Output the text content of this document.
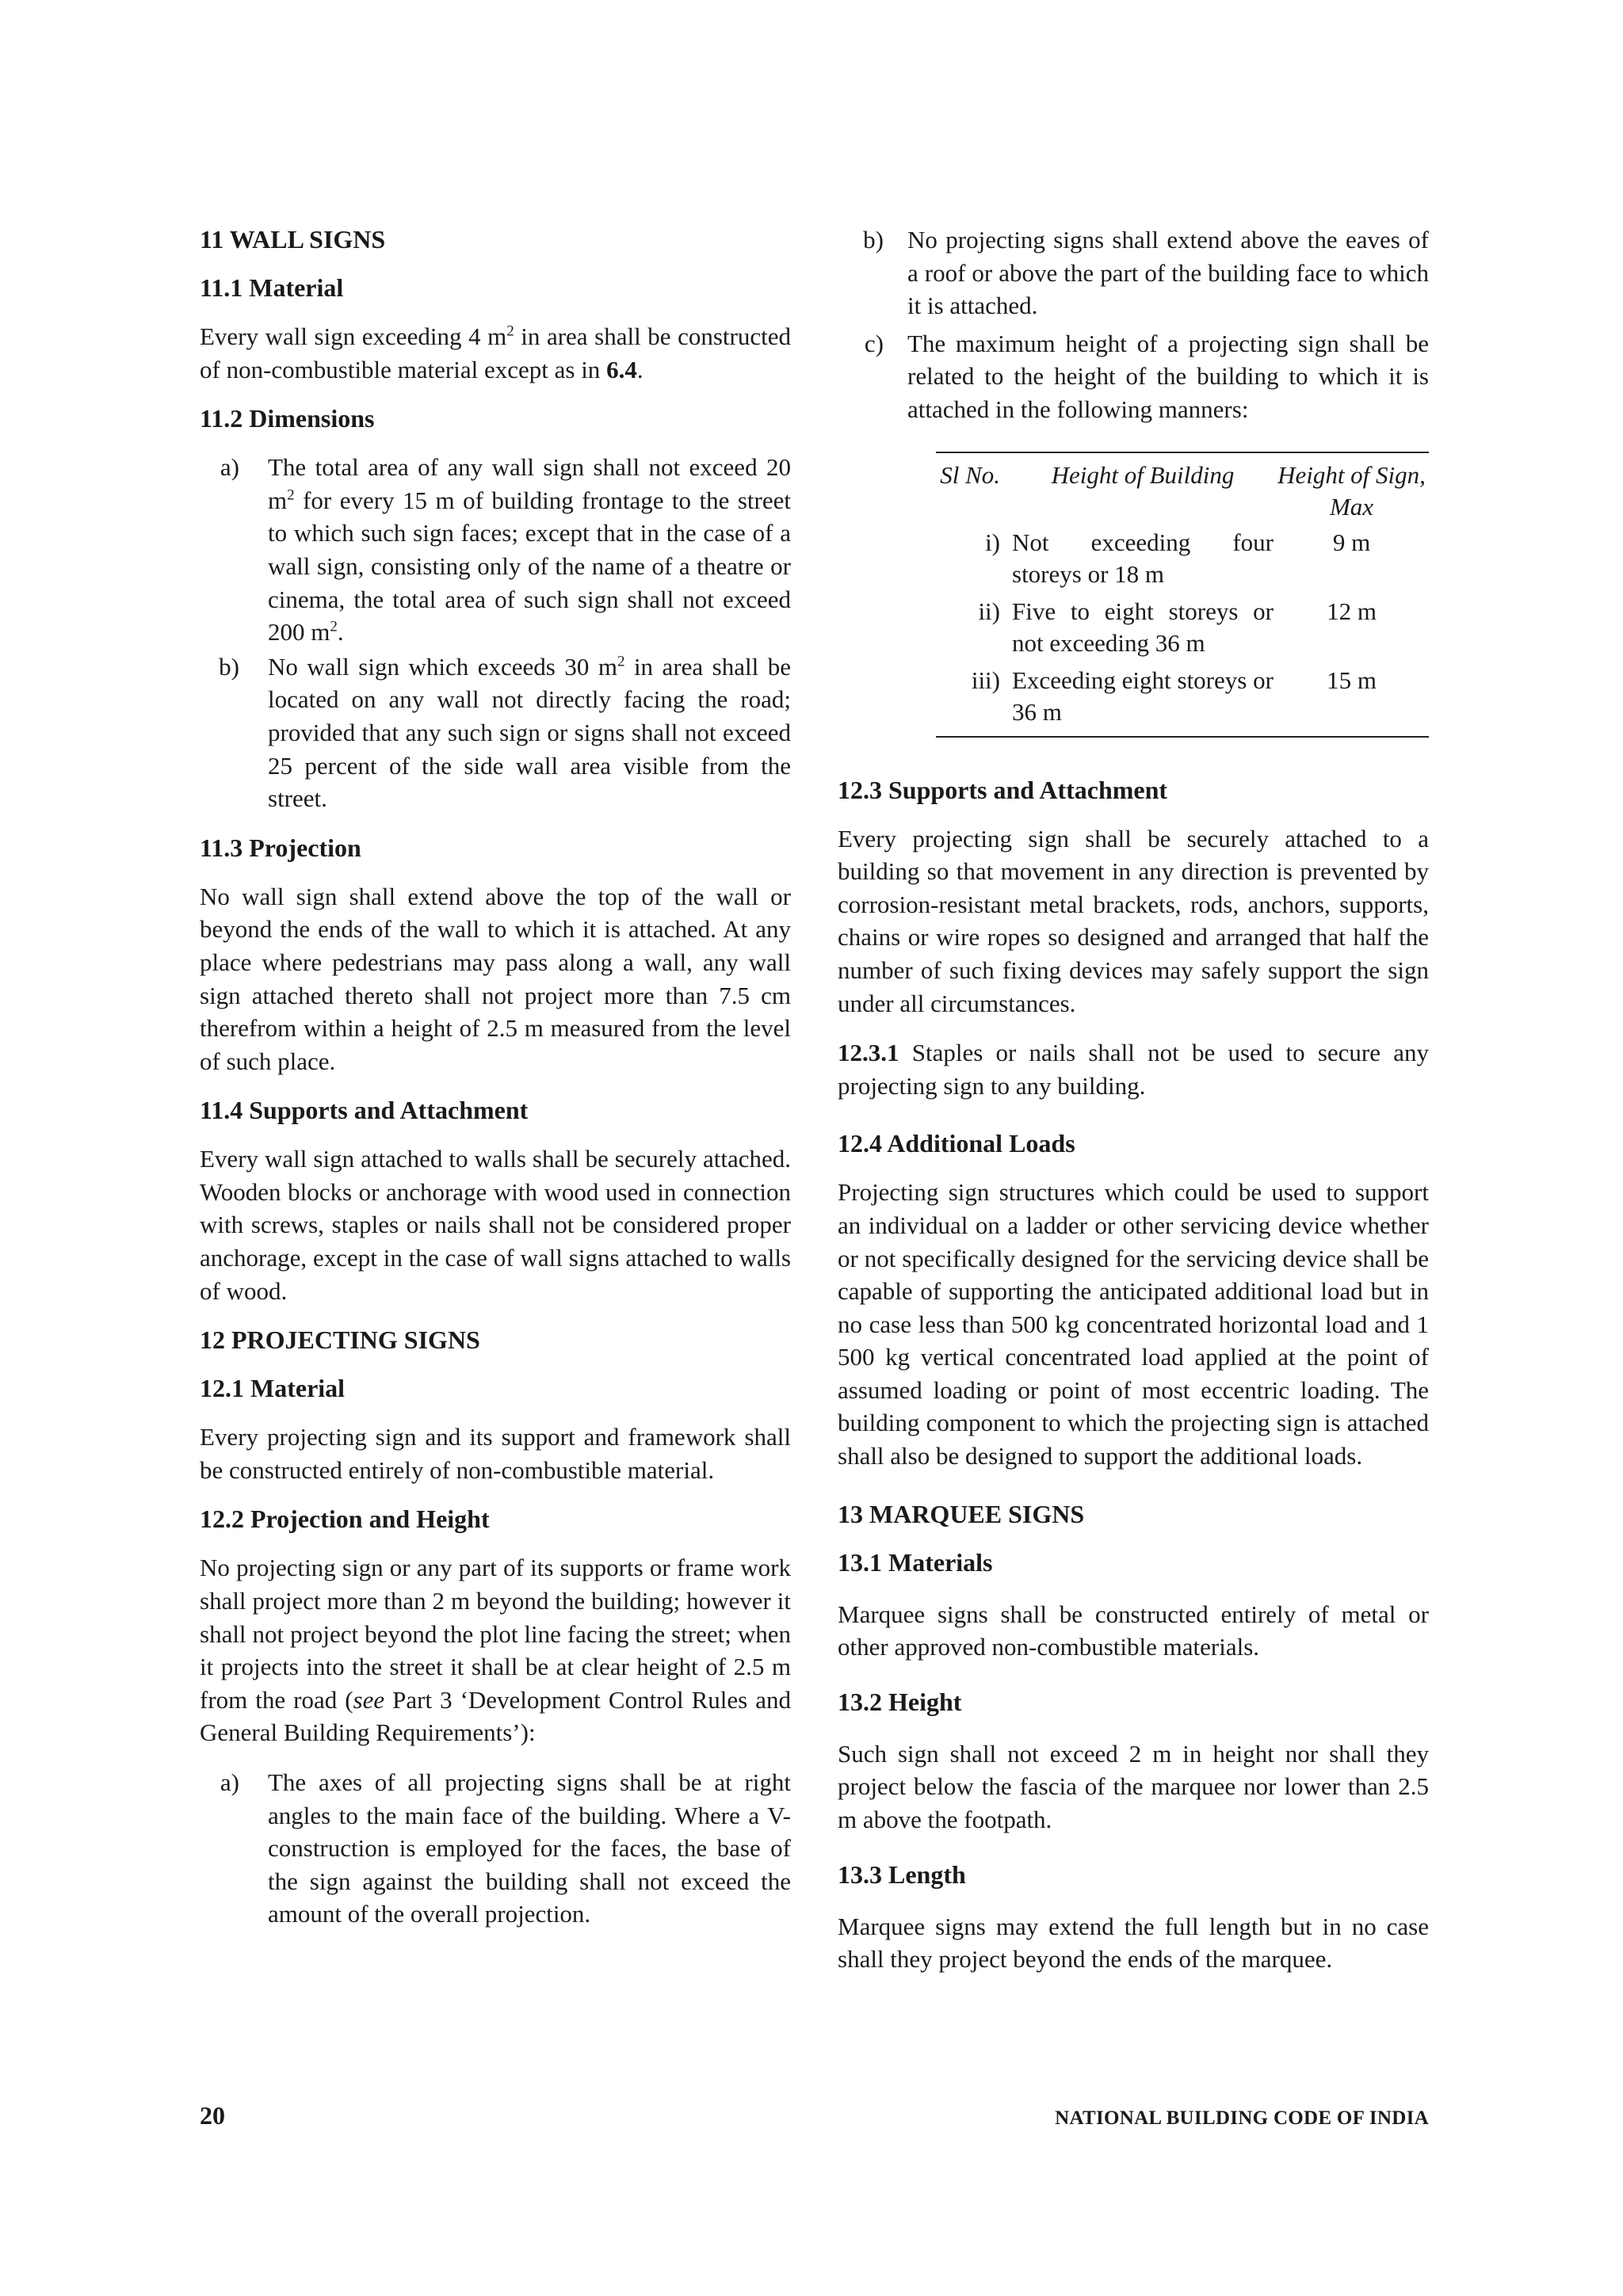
11 WALL SIGNS
11.1 Material
Every wall sign exceeding 4 $m^2$ in area shall be constructed of non-combustible material except as in 6.4.
11.2 Dimensions
a)	The total area of any wall sign shall not exceed 20 $m^2$ for every 15 m of building frontage to the street to which such sign faces; except that in the case of a wall sign, consisting only of the name of a theatre or cinema, the total area of such sign shall not exceed 200 $m^2$.
b)	No wall sign which exceeds 30 $m^2$ in area shall be located on any wall not directly facing the road; provided that any such sign or signs shall not exceed 25 percent of the side wall area visible from the street.
11.3 Projection
No wall sign shall extend above the top of the wall or beyond the ends of the wall to which it is attached. At any place where pedestrians may pass along a wall, any wall sign attached thereto shall not project more than 7.5 cm therefrom within a height of 2.5 m measured from the level of such place.
11.4 Supports and Attachment
Every wall sign attached to walls shall be securely attached. Wooden blocks or anchorage with wood used in connection with screws, staples or nails shall not be considered proper anchorage, except in the case of wall signs attached to walls of wood.
12 PROJECTING SIGNS
12.1 Material
Every projecting sign and its support and framework shall be constructed entirely of non-combustible material.
12.2 Projection and Height
No projecting sign or any part of its supports or frame work shall project more than 2 m beyond the building; however it shall not project beyond the plot line facing the street; when it projects into the street it shall be at clear height of 2.5 m from the road (see Part 3 ‘Development Control Rules and General Building Requirements’):
a)	The axes of all projecting signs shall be at right angles to the main face of the building. Where a V-construction is employed for the faces, the base of the sign against the building shall not exceed the amount of the overall projection.
b) No projecting signs shall extend above the eaves of a roof or above the part of the building face to which it is attached.
c) The maximum height of a projecting sign shall be related to the height of the building to which it is attached in the following manners:
Sl No.	Height of Building	Height of Sign, Max
i)	Not exceeding four storeys or 18 m	9 m
ii)	Five to eight storeys or not exceeding 36 m	12 m
iii)	Exceeding eight storeys or 36 m	15 m
12.3 Supports and Attachment
Every projecting sign shall be securely attached to a building so that movement in any direction is prevented by corrosion-resistant metal brackets, rods, anchors, supports, chains or wire ropes so designed and arranged that half the number of such fixing devices may safely support the sign under all circumstances.
12.3.1 Staples or nails shall not be used to secure any projecting sign to any building.
12.4 Additional Loads
Projecting sign structures which could be used to support an individual on a ladder or other servicing device whether or not specifically designed for the servicing device shall be capable of supporting the anticipated additional load but in no case less than 500 kg concentrated horizontal load and 1 500 kg vertical concentrated load applied at the point of assumed loading or point of most eccentric loading. The building component to which the projecting sign is attached shall also be designed to support the additional loads.
13 MARQUEE SIGNS
13.1 Materials
Marquee signs shall be constructed entirely of metal or other approved non-combustible materials.
13.2 Height
Such sign shall not exceed 2 m in height nor shall they project below the fascia of the marquee nor lower than 2.5 m above the footpath.
13.3 Length
Marquee signs may extend the full length but in no case shall they project beyond the ends of the marquee.
20	NATIONAL BUILDING CODE OF INDIA
